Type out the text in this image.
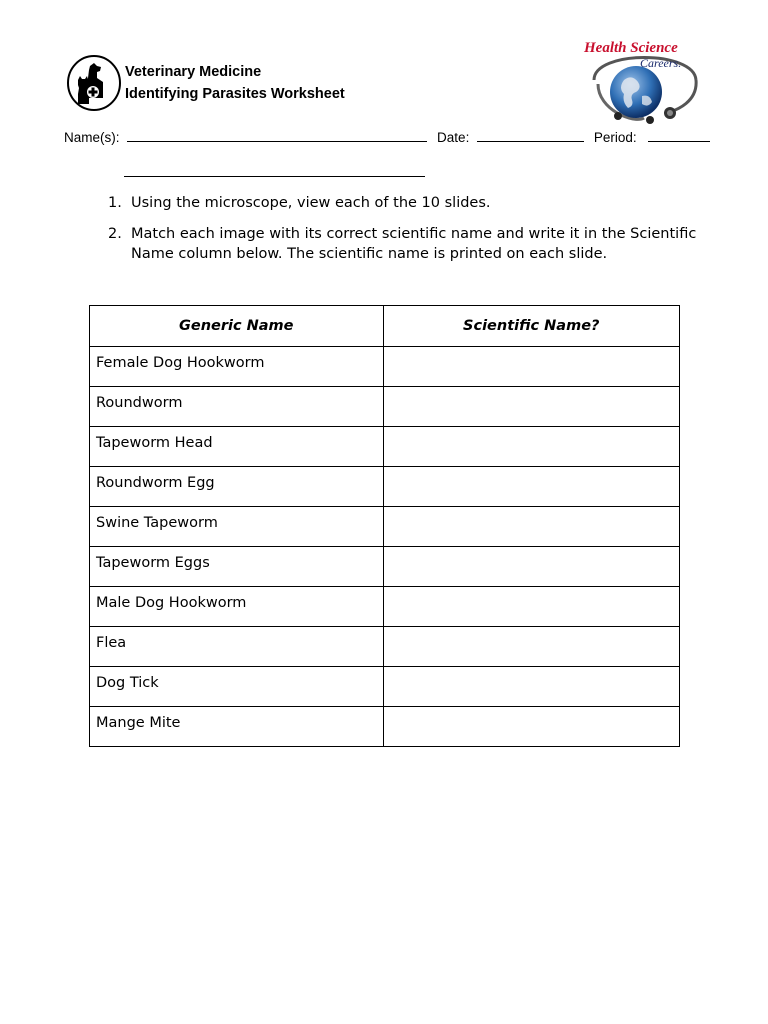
Veterinary Medicine
Identifying Parasites Worksheet
Health Science
Careers.
Name(s):	Date:	Period:
1. Using the microscope, view each of the 10 slides.
2. Match each image with its correct scientific name and write it in the Scientific Name column below. The scientific name is printed on each slide.
Generic Name	Scientific Name?
Female Dog Hookworm	
Roundworm	
Tapeworm Head	
Roundworm Egg	
Swine Tapeworm	
Tapeworm Eggs	
Male Dog Hookworm	
Flea	
Dog Tick	
Mange Mite	
